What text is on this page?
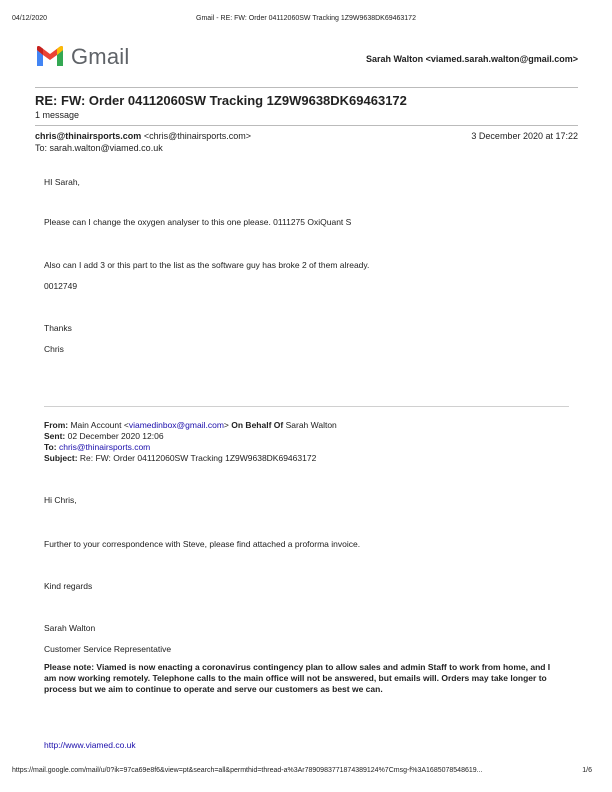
04/12/2020	Gmail - RE: FW: Order 04112060SW Tracking 1Z9W9638DK69463172
Gmail	Sarah Walton <viamed.sarah.walton@gmail.com>
RE: FW: Order 04112060SW Tracking 1Z9W9638DK69463172
1 message
chris@thinairsports.com <chris@thinairsports.com>	3 December 2020 at 17:22
To: sarah.walton@viamed.co.uk
HI Sarah,
Please can I change the oxygen analyser to this one please. 0111275 OxiQuant S
Also can I add 3 or this part to the list as the software guy has broke 2 of them already.
0012749
Thanks
Chris
From: Main Account <viamedinbox@gmail.com> On Behalf Of Sarah Walton
Sent: 02 December 2020 12:06
To: chris@thinairsports.com
Subject: Re: FW: Order 04112060SW Tracking 1Z9W9638DK69463172
Hi Chris,
Further to your correspondence with Steve, please find attached a proforma invoice.
Kind regards
Sarah Walton
Customer Service Representative
Please note: Viamed is now enacting a coronavirus contingency plan to allow sales and admin Staff to work from home, and I am now working remotely. Telephone calls to the main office will not be answered, but emails will. Orders may take longer to process but we aim to continue to operate and serve our customers as best we can.
http://www.viamed.co.uk
https://mail.google.com/mail/u/0?ik=97ca69e8f6&view=pt&search=all&permthid=thread-a%3Ar7890983771874389124%7Cmsg-f%3A1685078548619...	1/6
